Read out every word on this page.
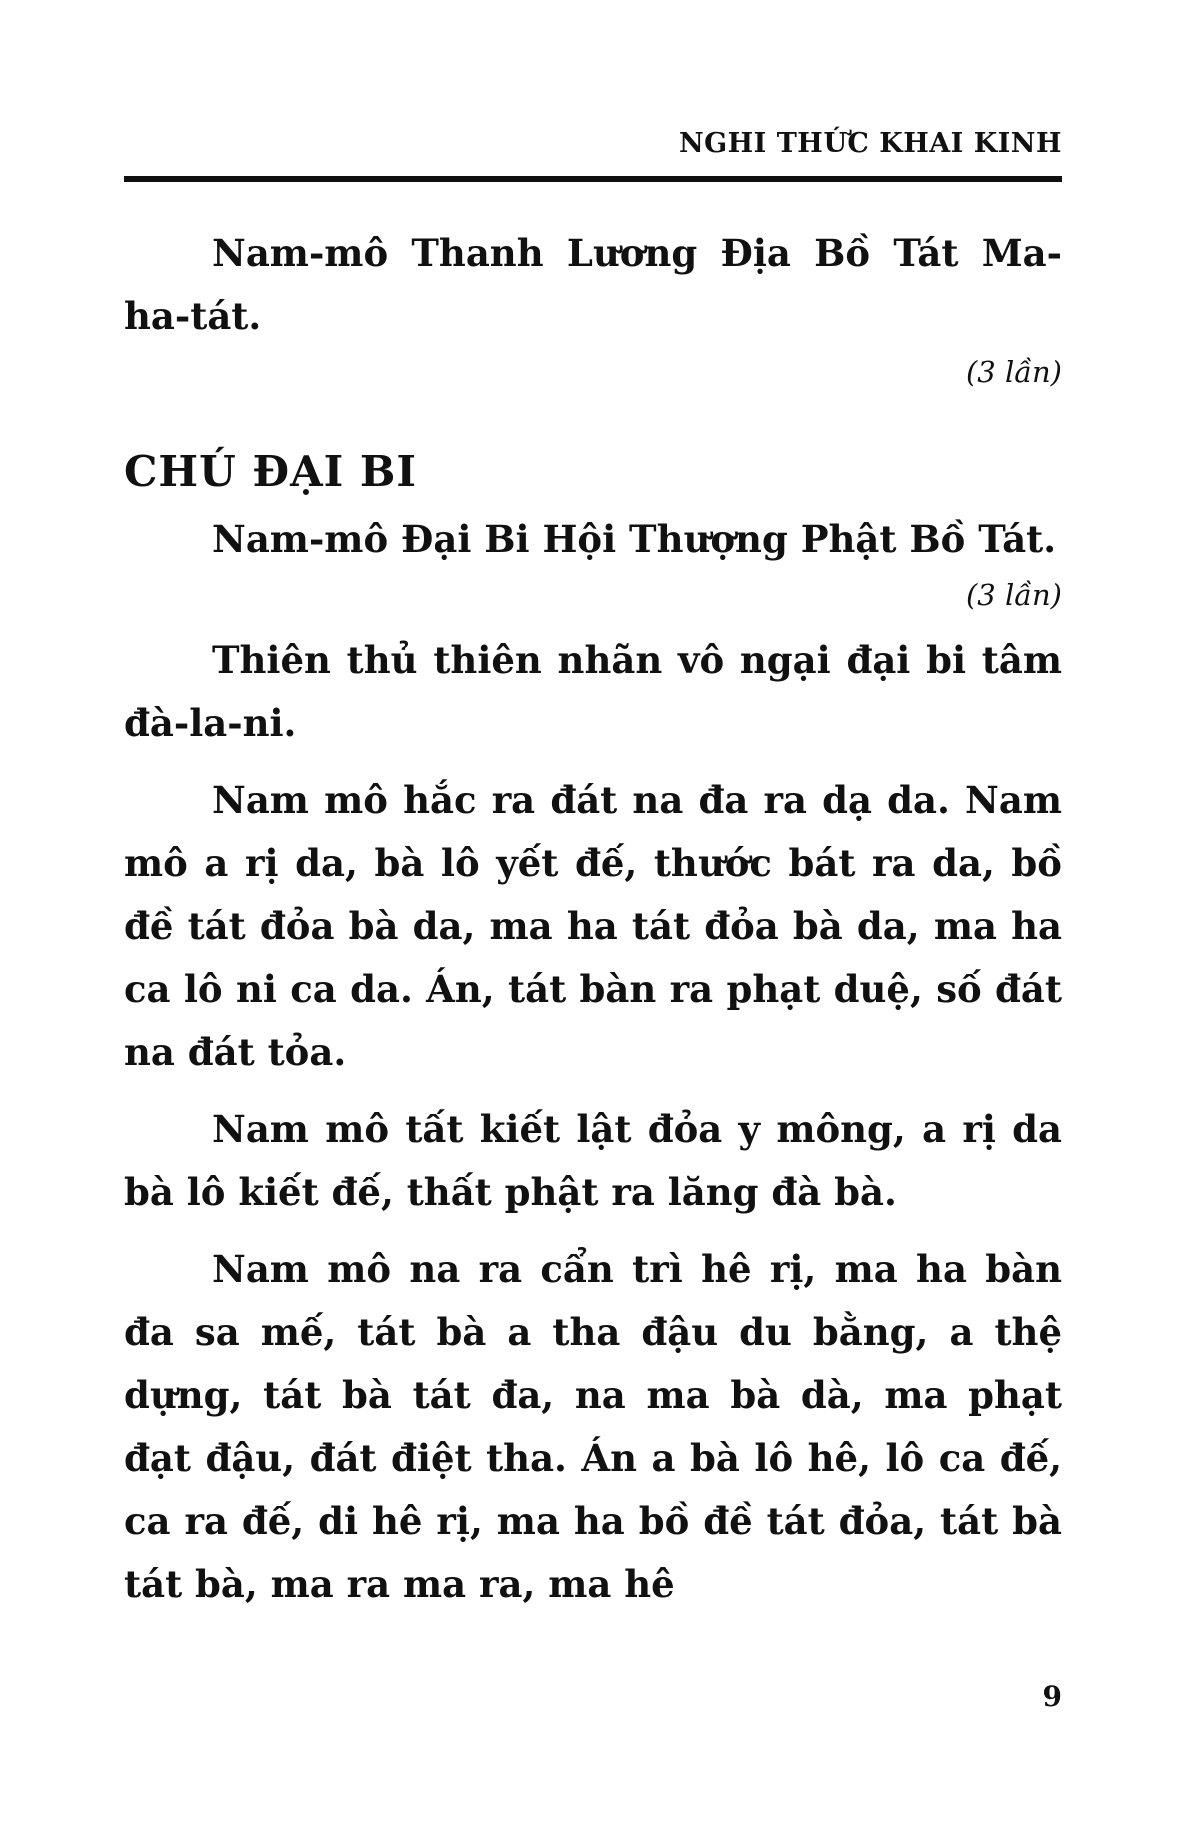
NGHI THỨC KHAI KINH

Nam-mô Thanh Lương Địa Bồ Tát Ma-ha-tát.

(3 lần)
CHÚ ĐẠI BI

Nam-mô Đại Bi Hội Thượng Phật Bồ Tát.

(3 lần)

Thiên thủ thiên nhãn vô ngại đại bi tâm đà-la-ni.

Nam mô hắc ra đát na đa ra dạ da. Nam mô a rị da, bà lô yết đế, thước bát ra da, bồ đề tát đỏa bà da, ma ha tát đỏa bà da, ma ha ca lô ni ca da. Án, tát bàn ra phạt duệ, số đát na đát tỏa.

Nam mô tất kiết lật đỏa y mông, a rị da bà lô kiết đế, thất phật ra lăng đà bà.

Nam mô na ra cẩn trì hê rị, ma ha bàn đa sa mế, tát bà a tha đậu du bằng, a thệ dựng, tát bà tát đa, na ma bà dà, ma phạt đạt đậu, đát điệt tha. Án a bà lô hê, lô ca đế, ca ra đế, di hê rị, ma ha bồ đề tát đỏa, tát bà tát bà, ma ra ma ra, ma hê

9
